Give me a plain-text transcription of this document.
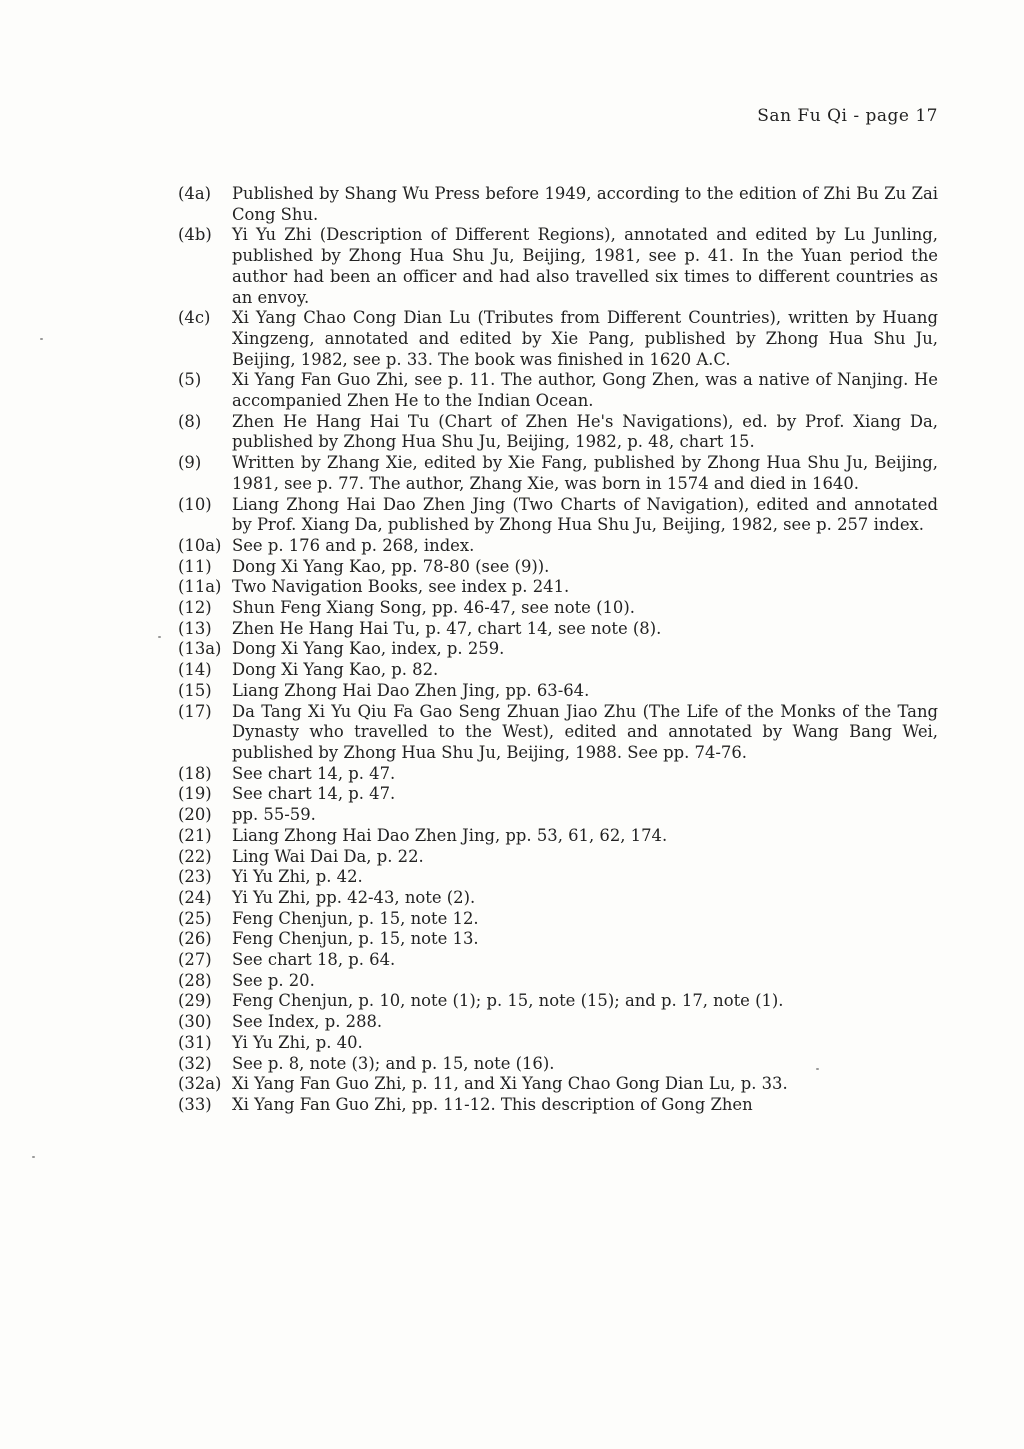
San Fu Qi - page 17
(4a)	Published by Shang Wu Press before 1949, according to the edition of Zhi Bu Zu Zai Cong Shu.
(4b)	Yi Yu Zhi (Description of Different Regions), annotated and edited by Lu Junling, published by Zhong Hua Shu Ju, Beijing, 1981, see p. 41. In the Yuan period the author had been an officer and had also travelled six times to different countries as an envoy.
(4c)	Xi Yang Chao Cong Dian Lu (Tributes from Different Countries), written by Huang Xingzeng, annotated and edited by Xie Pang, published by Zhong Hua Shu Ju, Beijing, 1982, see p. 33. The book was finished in 1620 A.C.
(5)	Xi Yang Fan Guo Zhi, see p. 11. The author, Gong Zhen, was a native of Nanjing. He accompanied Zhen He to the Indian Ocean.
(8)	Zhen He Hang Hai Tu (Chart of Zhen He's Navigations), ed. by Prof. Xiang Da, published by Zhong Hua Shu Ju, Beijing, 1982, p. 48, chart 15.
(9)	Written by Zhang Xie, edited by Xie Fang, published by Zhong Hua Shu Ju, Beijing, 1981, see p. 77. The author, Zhang Xie, was born in 1574 and died in 1640.
(10)	Liang Zhong Hai Dao Zhen Jing (Two Charts of Navigation), edited and annotated by Prof. Xiang Da, published by Zhong Hua Shu Ju, Beijing, 1982, see p. 257 index.
(10a) See p. 176 and p. 268, index.
(11)	Dong Xi Yang Kao, pp. 78-80 (see (9)).
(11a) Two Navigation Books, see index p. 241.
(12)	Shun Feng Xiang Song, pp. 46-47, see note (10).
(13)	Zhen He Hang Hai Tu, p. 47, chart 14, see note (8).
(13a) Dong Xi Yang Kao, index, p. 259.
(14)	Dong Xi Yang Kao, p. 82.
(15)	Liang Zhong Hai Dao Zhen Jing, pp. 63-64.
(17)	Da Tang Xi Yu Qiu Fa Gao Seng Zhuan Jiao Zhu (The Life of the Monks of the Tang Dynasty who travelled to the West), edited and annotated by Wang Bang Wei, published by Zhong Hua Shu Ju, Beijing, 1988. See pp. 74-76.
(18)	See chart 14, p. 47.
(19)	See chart 14, p. 47.
(20)	pp. 55-59.
(21)	Liang Zhong Hai Dao Zhen Jing, pp. 53, 61, 62, 174.
(22)	Ling Wai Dai Da, p. 22.
(23)	Yi Yu Zhi, p. 42.
(24)	Yi Yu Zhi, pp. 42-43, note (2).
(25)	Feng Chenjun, p. 15, note 12.
(26)	Feng Chenjun, p. 15, note 13.
(27)	See chart 18, p. 64.
(28)	See p. 20.
(29)	Feng Chenjun, p. 10, note (1); p. 15, note (15); and p. 17, note (1).
(30)	See Index, p. 288.
(31)	Yi Yu Zhi, p. 40.
(32)	See p. 8, note (3); and p. 15, note (16).
(32a) Xi Yang Fan Guo Zhi, p. 11, and Xi Yang Chao Gong Dian Lu, p. 33.
(33)	Xi Yang Fan Guo Zhi, pp. 11-12. This description of Gong Zhen
